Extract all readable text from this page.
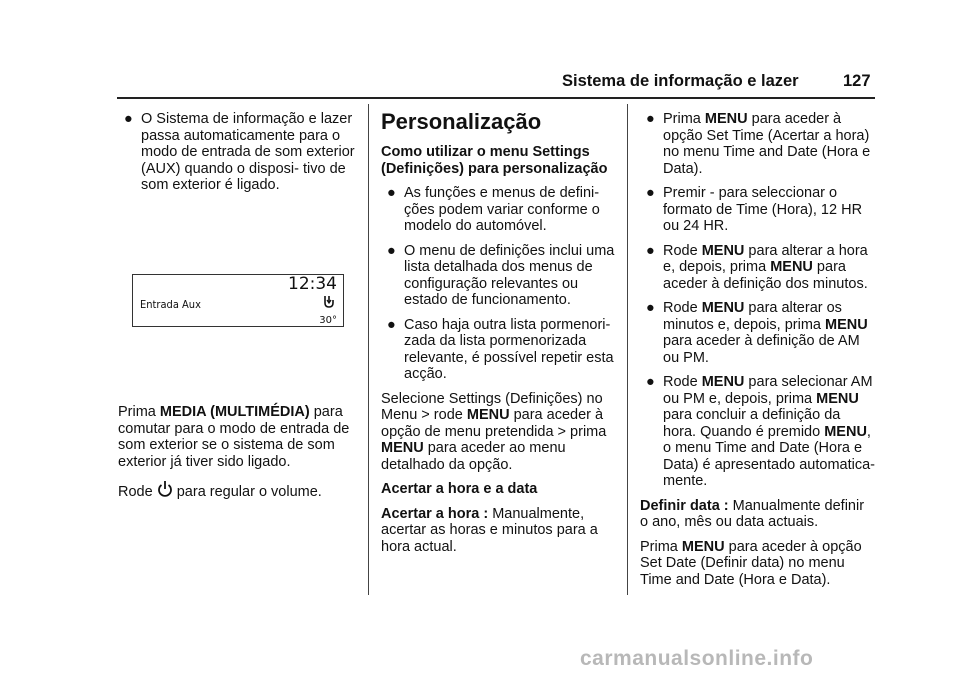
Sistema de informação e lazer	127
● O Sistema de informação e lazer passa automaticamente para o modo de entrada de som exterior (AUX) quando o disposi‐ tivo de som exterior é ligado.
Entrada Aux
12:34
30°

Prima MEDIA (MULTIMÉDIA) para comutar para o modo de entrada de som exterior se o sistema de som exterior já tiver sido ligado.

Rode  para regular o volume.

Personalização

Como utilizar o menu Settings (Definições) para personalização

● As funções e menus de defini‐ ções podem variar conforme o modelo do automóvel.
● O menu de definições inclui uma lista detalhada dos menus de configuração relevantes ou estado de funcionamento.
● Caso haja outra lista pormenori‐ zada da lista pormenorizada relevante, é possível repetir esta acção.

Selecione Settings (Definições) no Menu > rode MENU para aceder à opção de menu pretendida > prima MENU para aceder ao menu detalhado da opção.

Acertar a hora e a data

Acertar a hora : Manualmente, acertar as horas e minutos para a hora actual.

● Prima MENU para aceder à opção Set Time (Acertar a hora) no menu Time and Date (Hora e Data).
● Premir - para seleccionar o formato de Time (Hora), 12 HR ou 24 HR.
● Rode MENU para alterar a hora e, depois, prima MENU para aceder à definição dos minutos.
● Rode MENU para alterar os minutos e, depois, prima MENU para aceder à definição de AM ou PM.
● Rode MENU para selecionar AM ou PM e, depois, prima MENU para concluir a definição da hora. Quando é premido MENU, o menu Time and Date (Hora e Data) é apresentado automatica‐ mente.

Definir data : Manualmente definir o ano, mês ou data actuais.

Prima MENU para aceder à opção Set Date (Definir data) no menu Time and Date (Hora e Data).

carmanualsonline.info
